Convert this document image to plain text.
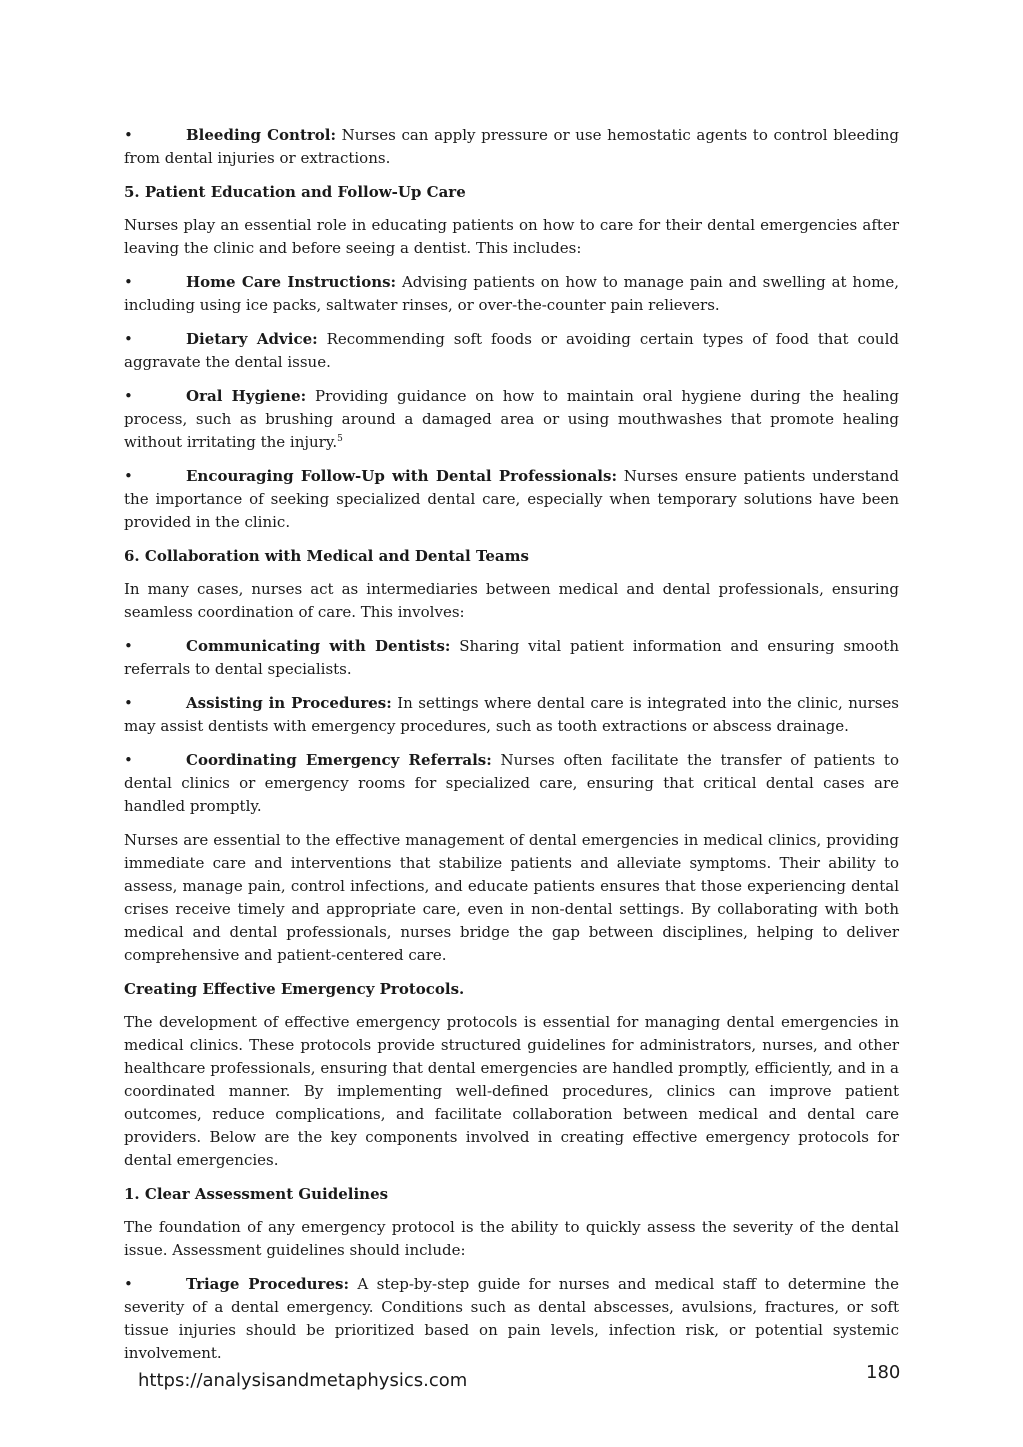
•	Bleeding Control: Nurses can apply pressure or use hemostatic agents to control bleeding from dental injuries or extractions.

5. Patient Education and Follow-Up Care

Nurses play an essential role in educating patients on how to care for their dental emergencies after leaving the clinic and before seeing a dentist. This includes:

•	Home Care Instructions: Advising patients on how to manage pain and swelling at home, including using ice packs, saltwater rinses, or over-the-counter pain relievers.

•	Dietary Advice: Recommending soft foods or avoiding certain types of food that could aggravate the dental issue.

•	Oral Hygiene: Providing guidance on how to maintain oral hygiene during the healing process, such as brushing around a damaged area or using mouthwashes that promote healing without irritating the injury.$^5$

•	Encouraging Follow-Up with Dental Professionals: Nurses ensure patients understand the importance of seeking specialized dental care, especially when temporary solutions have been provided in the clinic.

6. Collaboration with Medical and Dental Teams

In many cases, nurses act as intermediaries between medical and dental professionals, ensuring seamless coordination of care. This involves:

•	Communicating with Dentists: Sharing vital patient information and ensuring smooth referrals to dental specialists.

•	Assisting in Procedures: In settings where dental care is integrated into the clinic, nurses may assist dentists with emergency procedures, such as tooth extractions or abscess drainage.

•	Coordinating Emergency Referrals: Nurses often facilitate the transfer of patients to dental clinics or emergency rooms for specialized care, ensuring that critical dental cases are handled promptly.

Nurses are essential to the effective management of dental emergencies in medical clinics, providing immediate care and interventions that stabilize patients and alleviate symptoms. Their ability to assess, manage pain, control infections, and educate patients ensures that those experiencing dental crises receive timely and appropriate care, even in non-dental settings. By collaborating with both medical and dental professionals, nurses bridge the gap between disciplines, helping to deliver comprehensive and patient-centered care.

Creating Effective Emergency Protocols.

The development of effective emergency protocols is essential for managing dental emergencies in medical clinics. These protocols provide structured guidelines for administrators, nurses, and other healthcare professionals, ensuring that dental emergencies are handled promptly, efficiently, and in a coordinated manner. By implementing well-defined procedures, clinics can improve patient outcomes, reduce complications, and facilitate collaboration between medical and dental care providers. Below are the key components involved in creating effective emergency protocols for dental emergencies.

1. Clear Assessment Guidelines

The foundation of any emergency protocol is the ability to quickly assess the severity of the dental issue. Assessment guidelines should include:

•	Triage Procedures: A step-by-step guide for nurses and medical staff to determine the severity of a dental emergency. Conditions such as dental abscesses, avulsions, fractures, or soft tissue injuries should be prioritized based on pain levels, infection risk, or potential systemic involvement.

https://analysisandmetaphysics.com	180
